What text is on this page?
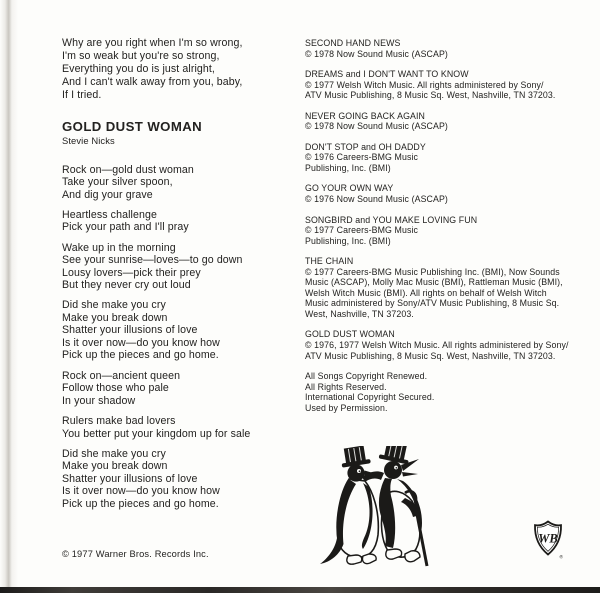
Why are you right when I'm so wrong,
I'm so weak but you're so strong,
Everything you do is just alright,
And I can't walk away from you, baby,
If I tried.
GOLD DUST WOMAN
Stevie Nicks
Rock on—gold dust woman
Take your silver spoon,
And dig your grave
Heartless challenge
Pick your path and I'll pray
Wake up in the morning
See your sunrise—loves—to go down
Lousy lovers—pick their prey
But they never cry out loud
Did she make you cry
Make you break down
Shatter your illusions of love
Is it over now—do you know how
Pick up the pieces and go home.
Rock on—ancient queen
Follow those who pale
In your shadow
Rulers make bad lovers
You better put your kingdom up for sale
Did she make you cry
Make you break down
Shatter your illusions of love
Is it over now—do you know how
Pick up the pieces and go home.
SECOND HAND NEWS
© 1978 Now Sound Music (ASCAP)
DREAMS and I DON'T WANT TO KNOW
© 1977 Welsh Witch Music. All rights administered by Sony/
ATV Music Publishing, 8 Music Sq. West, Nashville, TN 37203.
NEVER GOING BACK AGAIN
© 1978 Now Sound Music (ASCAP)
DON'T STOP and OH DADDY
© 1976 Careers-BMG Music
Publishing, Inc. (BMI)
GO YOUR OWN WAY
© 1976 Now Sound Music (ASCAP)
SONGBIRD and YOU MAKE LOVING FUN
© 1977 Careers-BMG Music
Publishing, Inc. (BMI)
THE CHAIN
© 1977 Careers-BMG Music Publishing Inc. (BMI), Now Sounds
Music (ASCAP), Molly Mac Music (BMI), Rattleman Music (BMI),
Welsh Witch Music (BMI). All rights on behalf of Welsh Witch
Music administered by Sony/ATV Music Publishing, 8 Music Sq.
West, Nashville, TN 37203.
GOLD DUST WOMAN
© 1976, 1977 Welsh Witch Music. All rights administered by Sony/
ATV Music Publishing, 8 Music Sq. West, Nashville, TN 37203.
All Songs Copyright Renewed.
All Rights Reserved.
International Copyright Secured.
Used by Permission.
© 1977 Warner Bros. Records Inc.
WB
®
